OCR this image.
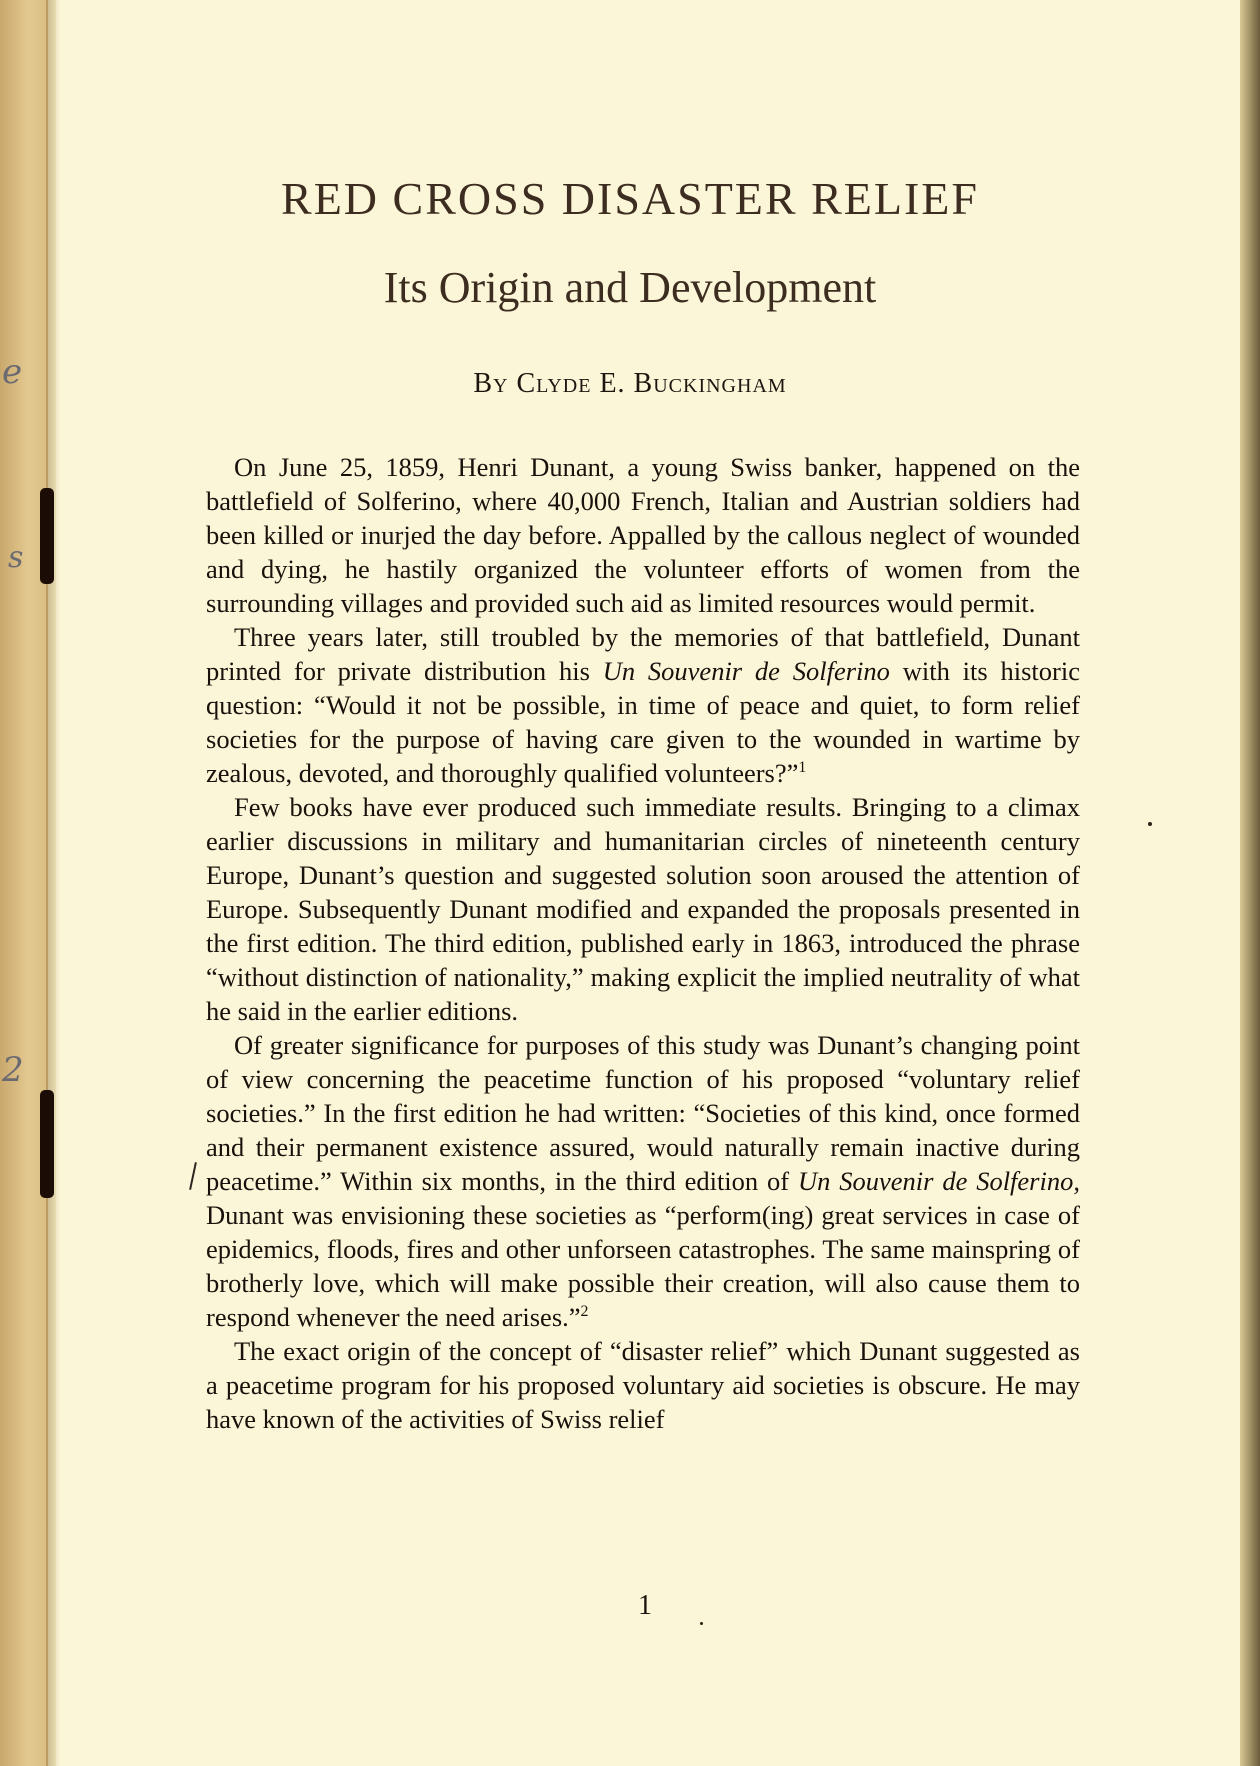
e
s
2
RED CROSS DISASTER RELIEF
Its Origin and Development
By Clyde E. Buckingham

On June 25, 1859, Henri Dunant, a young Swiss banker, happened on the battlefield of Solferino, where 40,000 French, Italian and Austrian soldiers had been killed or inurjed the day before. Appalled by the callous neglect of wounded and dying, he hastily organized the volunteer efforts of women from the surrounding villages and provided such aid as limited resources would permit.

Three years later, still troubled by the memories of that battlefield, Dunant printed for private distribution his Un Souvenir de Solferino with its historic question: “Would it not be possible, in time of peace and quiet, to form relief societies for the purpose of having care given to the wounded in wartime by zealous, devoted, and thoroughly qualified volunteers?”$^1$

Few books have ever produced such immediate results. Bringing to a climax earlier discussions in military and humanitarian circles of nineteenth century Europe, Dunant’s question and suggested solution soon aroused the attention of Europe. Subsequently Dunant modified and expanded the proposals presented in the first edition. The third edition, published early in 1863, introduced the phrase “without distinction of nationality,” making explicit the implied neutrality of what he said in the earlier editions.

Of greater significance for purposes of this study was Dunant’s changing point of view concerning the peacetime function of his proposed “voluntary relief societies.” In the first edition he had written: “Societies of this kind, once formed and their permanent existence assured, would naturally remain inactive during peacetime.” Within six months, in the third edition of Un Souvenir de Solferino, Dunant was envisioning these societies as “perform(ing) great services in case of epidemics, floods, fires and other unforseen catastrophes. The same mainspring of brotherly love, which will make possible their creation, will also cause them to respond whenever the need arises.”$^2$

The exact origin of the concept of “disaster relief” which Dunant suggested as a peacetime program for his proposed voluntary aid societies is obscure. He may have known of the activities of Swiss relief

1
